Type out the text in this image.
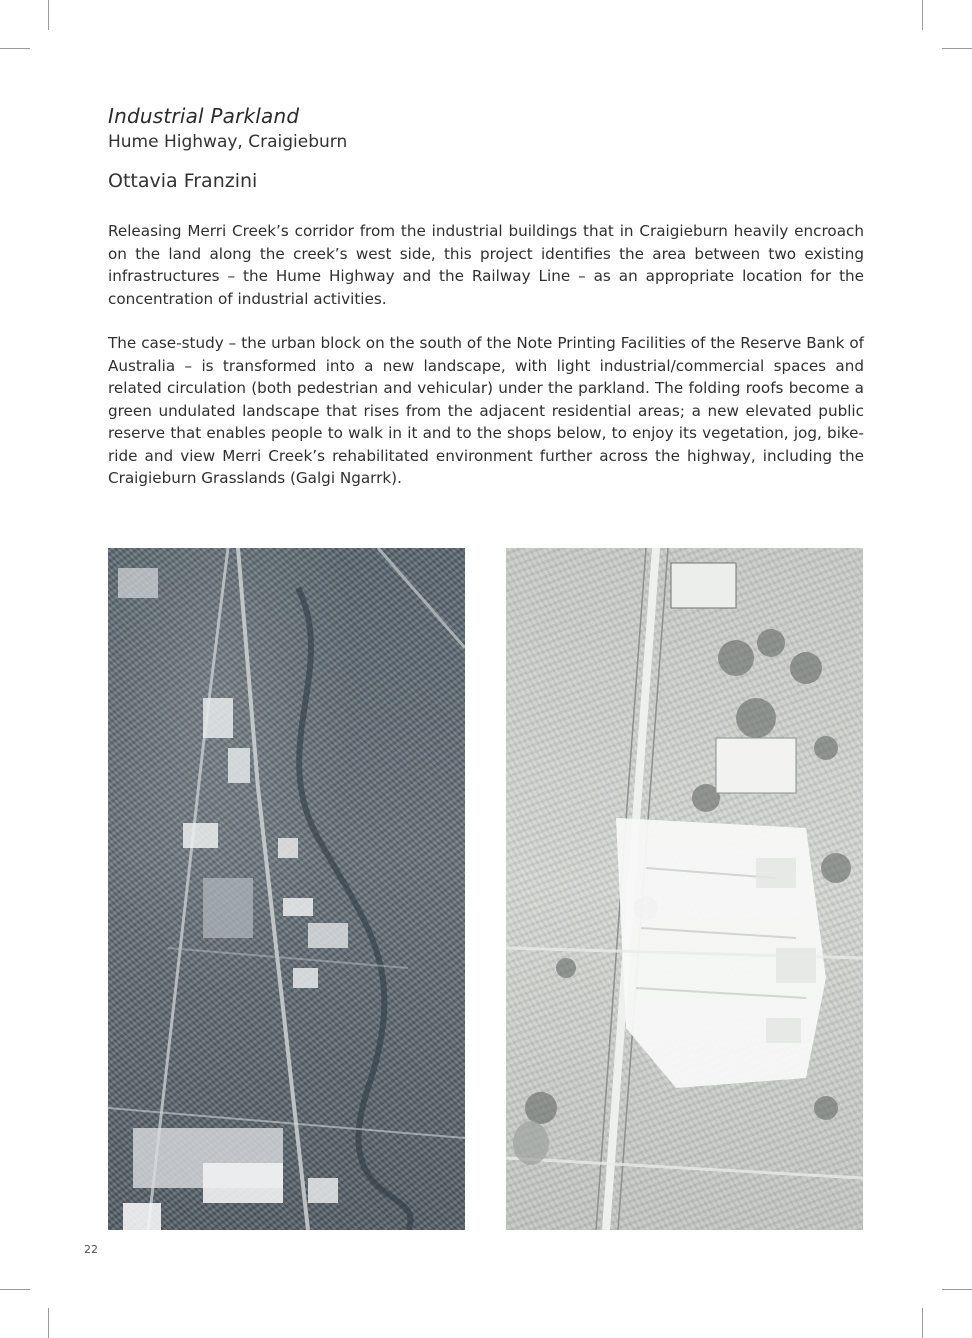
Industrial Parkland
Hume Highway, Craigieburn
Ottavia Franzini

Releasing Merri Creek’s corridor from the industrial buildings that in Craigieburn heavily encroach on the land along the creek’s west side, this project identifies the area between two existing infrastructures – the Hume Highway and the Railway Line – as an appropriate location for the concentration of industrial activities.

The case-study – the urban block on the south of the Note Printing Facilities of the Reserve Bank of Australia – is transformed into a new landscape, with light industrial/commercial spaces and related circulation (both pedestrian and vehicular) under the parkland. The folding roofs become a green undulated landscape that rises from the adjacent residential areas; a new elevated public reserve that enables people to walk in it and to the shops below, to enjoy its vegetation, jog, bike-ride and view Merri Creek’s rehabilitated environment further across the highway, including the Craigieburn Grasslands (Galgi Ngarrk).

22
